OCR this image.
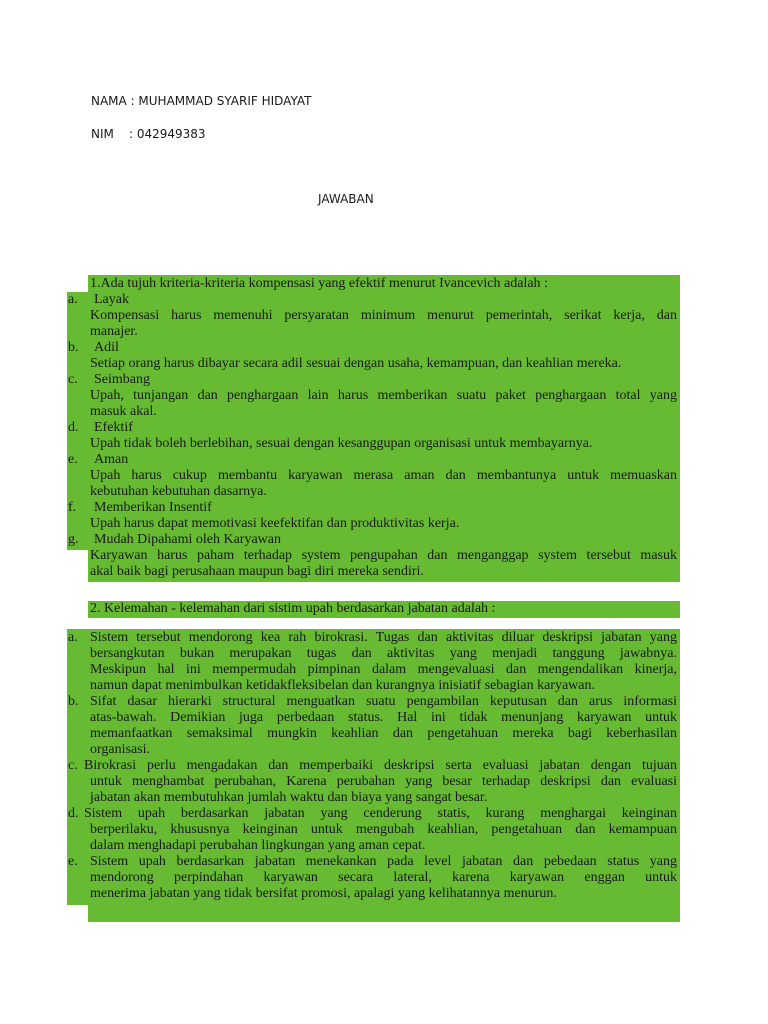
NAMA : MUHAMMAD SYARIF HIDAYAT
NIM : 042949383
JAWABAN
1.Ada tujuh kriteria-kriteria kompensasi yang efektif menurut Ivancevich adalah :
a. Layak
Kompensasi harus memenuhi persyaratan minimum menurut pemerintah, serikat kerja, dan
manajer.
b. Adil
Setiap orang harus dibayar secara adil sesuai dengan usaha, kemampuan, dan keahlian mereka.
c. Seimbang
Upah, tunjangan dan penghargaan lain harus memberikan suatu paket penghargaan total yang
masuk akal.
d. Efektif
Upah tidak boleh berlebihan, sesuai dengan kesanggupan organisasi untuk membayarnya.
e. Aman
Upah harus cukup membantu karyawan merasa aman dan membantunya untuk memuaskan
kebutuhan kebutuhan dasarnya.
f. Memberikan Insentif
Upah harus dapat memotivasi keefektifan dan produktivitas kerja.
g. Mudah Dipahami oleh Karyawan
Karyawan harus paham terhadap system pengupahan dan menganggap system tersebut masuk
akal baik bagi perusahaan maupun bagi diri mereka sendiri.
2. Kelemahan - kelemahan dari sistim upah berdasarkan jabatan adalah :
a. Sistem tersebut mendorong kea rah birokrasi. Tugas dan aktivitas diluar deskripsi jabatan yang
bersangkutan bukan merupakan tugas dan aktivitas yang menjadi tanggung jawabnya.
Meskipun hal ini mempermudah pimpinan dalam mengevaluasi dan mengendalikan kinerja,
namun dapat menimbulkan ketidakfleksibelan dan kurangnya inisiatif sebagian karyawan.
b. Sifat dasar hierarki structural menguatkan suatu pengambilan keputusan dan arus informasi
atas-bawah. Demikian juga perbedaan status. Hal ini tidak menunjang karyawan untuk
memanfaatkan semaksimal mungkin keahlian dan pengetahuan mereka bagi keberhasilan
organisasi.
c. Birokrasi perlu mengadakan dan memperbaiki deskripsi serta evaluasi jabatan dengan tujuan
untuk menghambat perubahan, Karena perubahan yang besar terhadap deskripsi dan evaluasi
jabatan akan membutuhkan jumlah waktu dan biaya yang sangat besar.
d. Sistem upah berdasarkan jabatan yang cenderung statis, kurang menghargai keinginan
berperilaku, khususnya keinginan untuk mengubah keahlian, pengetahuan dan kemampuan
dalam menghadapi perubahan lingkungan yang aman cepat.
e. Sistem upah berdasarkan jabatan menekankan pada level jabatan dan pebedaan status yang
mendorong perpindahan karyawan secara lateral, karena karyawan enggan untuk
menerima jabatan yang tidak bersifat promosi, apalagi yang kelihatannya menurun.
